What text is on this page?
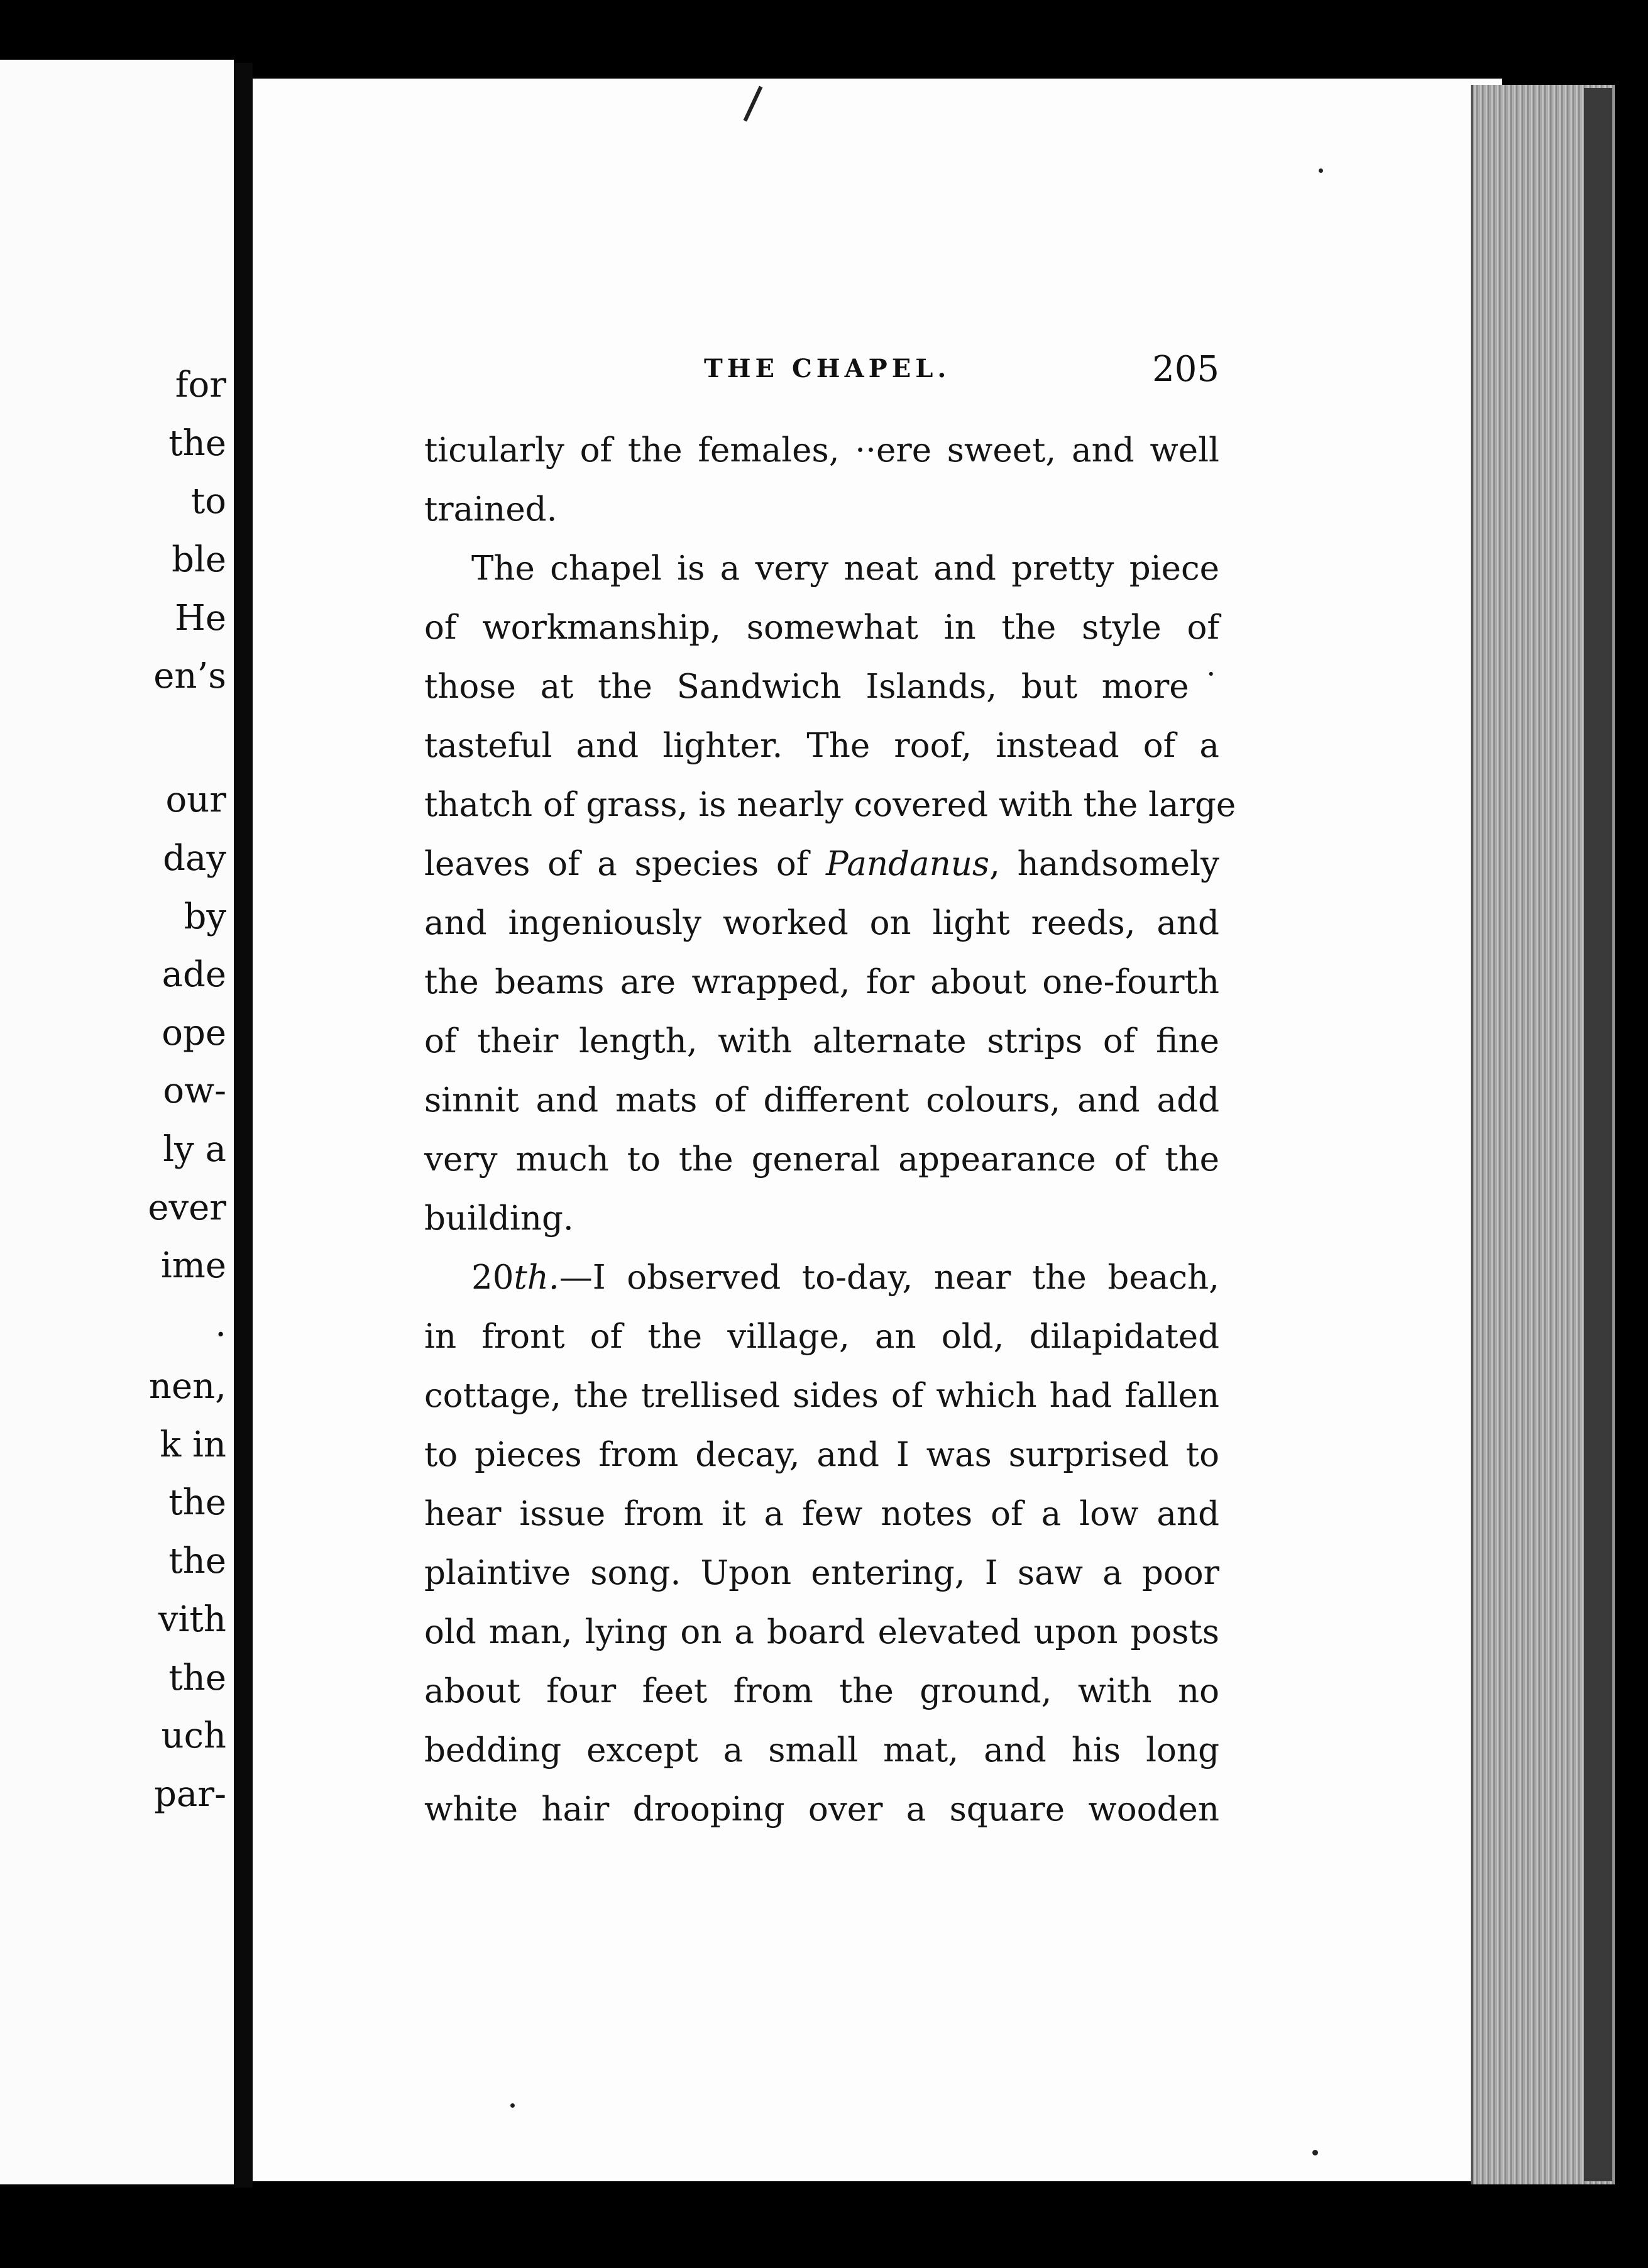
for
the
to
ble
He
en’s
our
day
by
ade
ope
ow-
ly a
ever
ime
.
nen,
k in
the
the
vith
the
uch
par-
THE CHAPEL.	205
ticularly of the females, ··ere sweet, and well
trained.
The chapel is a very neat and pretty piece
of workmanship, somewhat in the style of
those at the Sandwich Islands, but more˙
tasteful and lighter. The roof, instead of a
thatch of grass, is nearly covered with the large
leaves of a species of Pandanus, handsomely
and ingeniously worked on light reeds, and
the beams are wrapped, for about one-fourth
of their length, with alternate strips of fine
sinnit and mats of different colours, and add
very much to the general appearance of the
building.
20th.—I observed to-day, near the beach,
in front of the village, an old, dilapidated
cottage, the trellised sides of which had fallen
to pieces from decay, and I was surprised to
hear issue from it a few notes of a low and
plaintive song. Upon entering, I saw a poor
old man, lying on a board elevated upon posts
about four feet from the ground, with no
bedding except a small mat, and his long
white hair drooping over a square wooden
